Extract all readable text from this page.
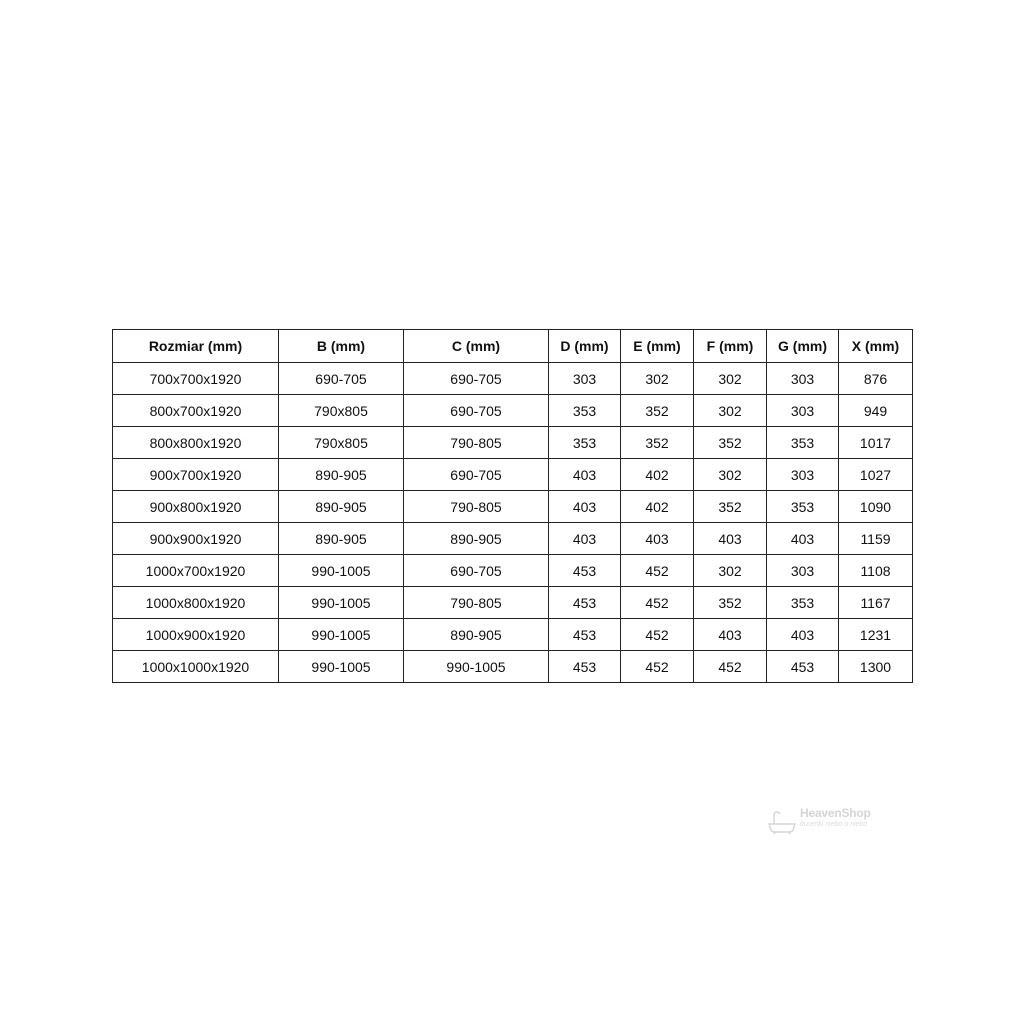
Rozmiar (mm)	B (mm)	C (mm)	D (mm)	E (mm)	F (mm)	G (mm)	X (mm)
700x700x1920	690-705	690-705	303	302	302	303	876
800x700x1920	790x805	690-705	353	352	302	303	949
800x800x1920	790x805	790-805	353	352	352	353	1017
900x700x1920	890-905	690-705	403	402	302	303	1027
900x800x1920	890-905	790-805	403	402	352	353	1090
900x900x1920	890-905	890-905	403	403	403	403	1159
1000x700x1920	990-1005	690-705	453	452	302	303	1108
1000x800x1920	990-1005	790-805	453	452	352	353	1167
1000x900x1920	990-1005	890-905	453	452	403	403	1231
1000x1000x1920	990-1005	990-1005	453	452	452	453	1300
HeavenShop
łazienki niebo o niebo
